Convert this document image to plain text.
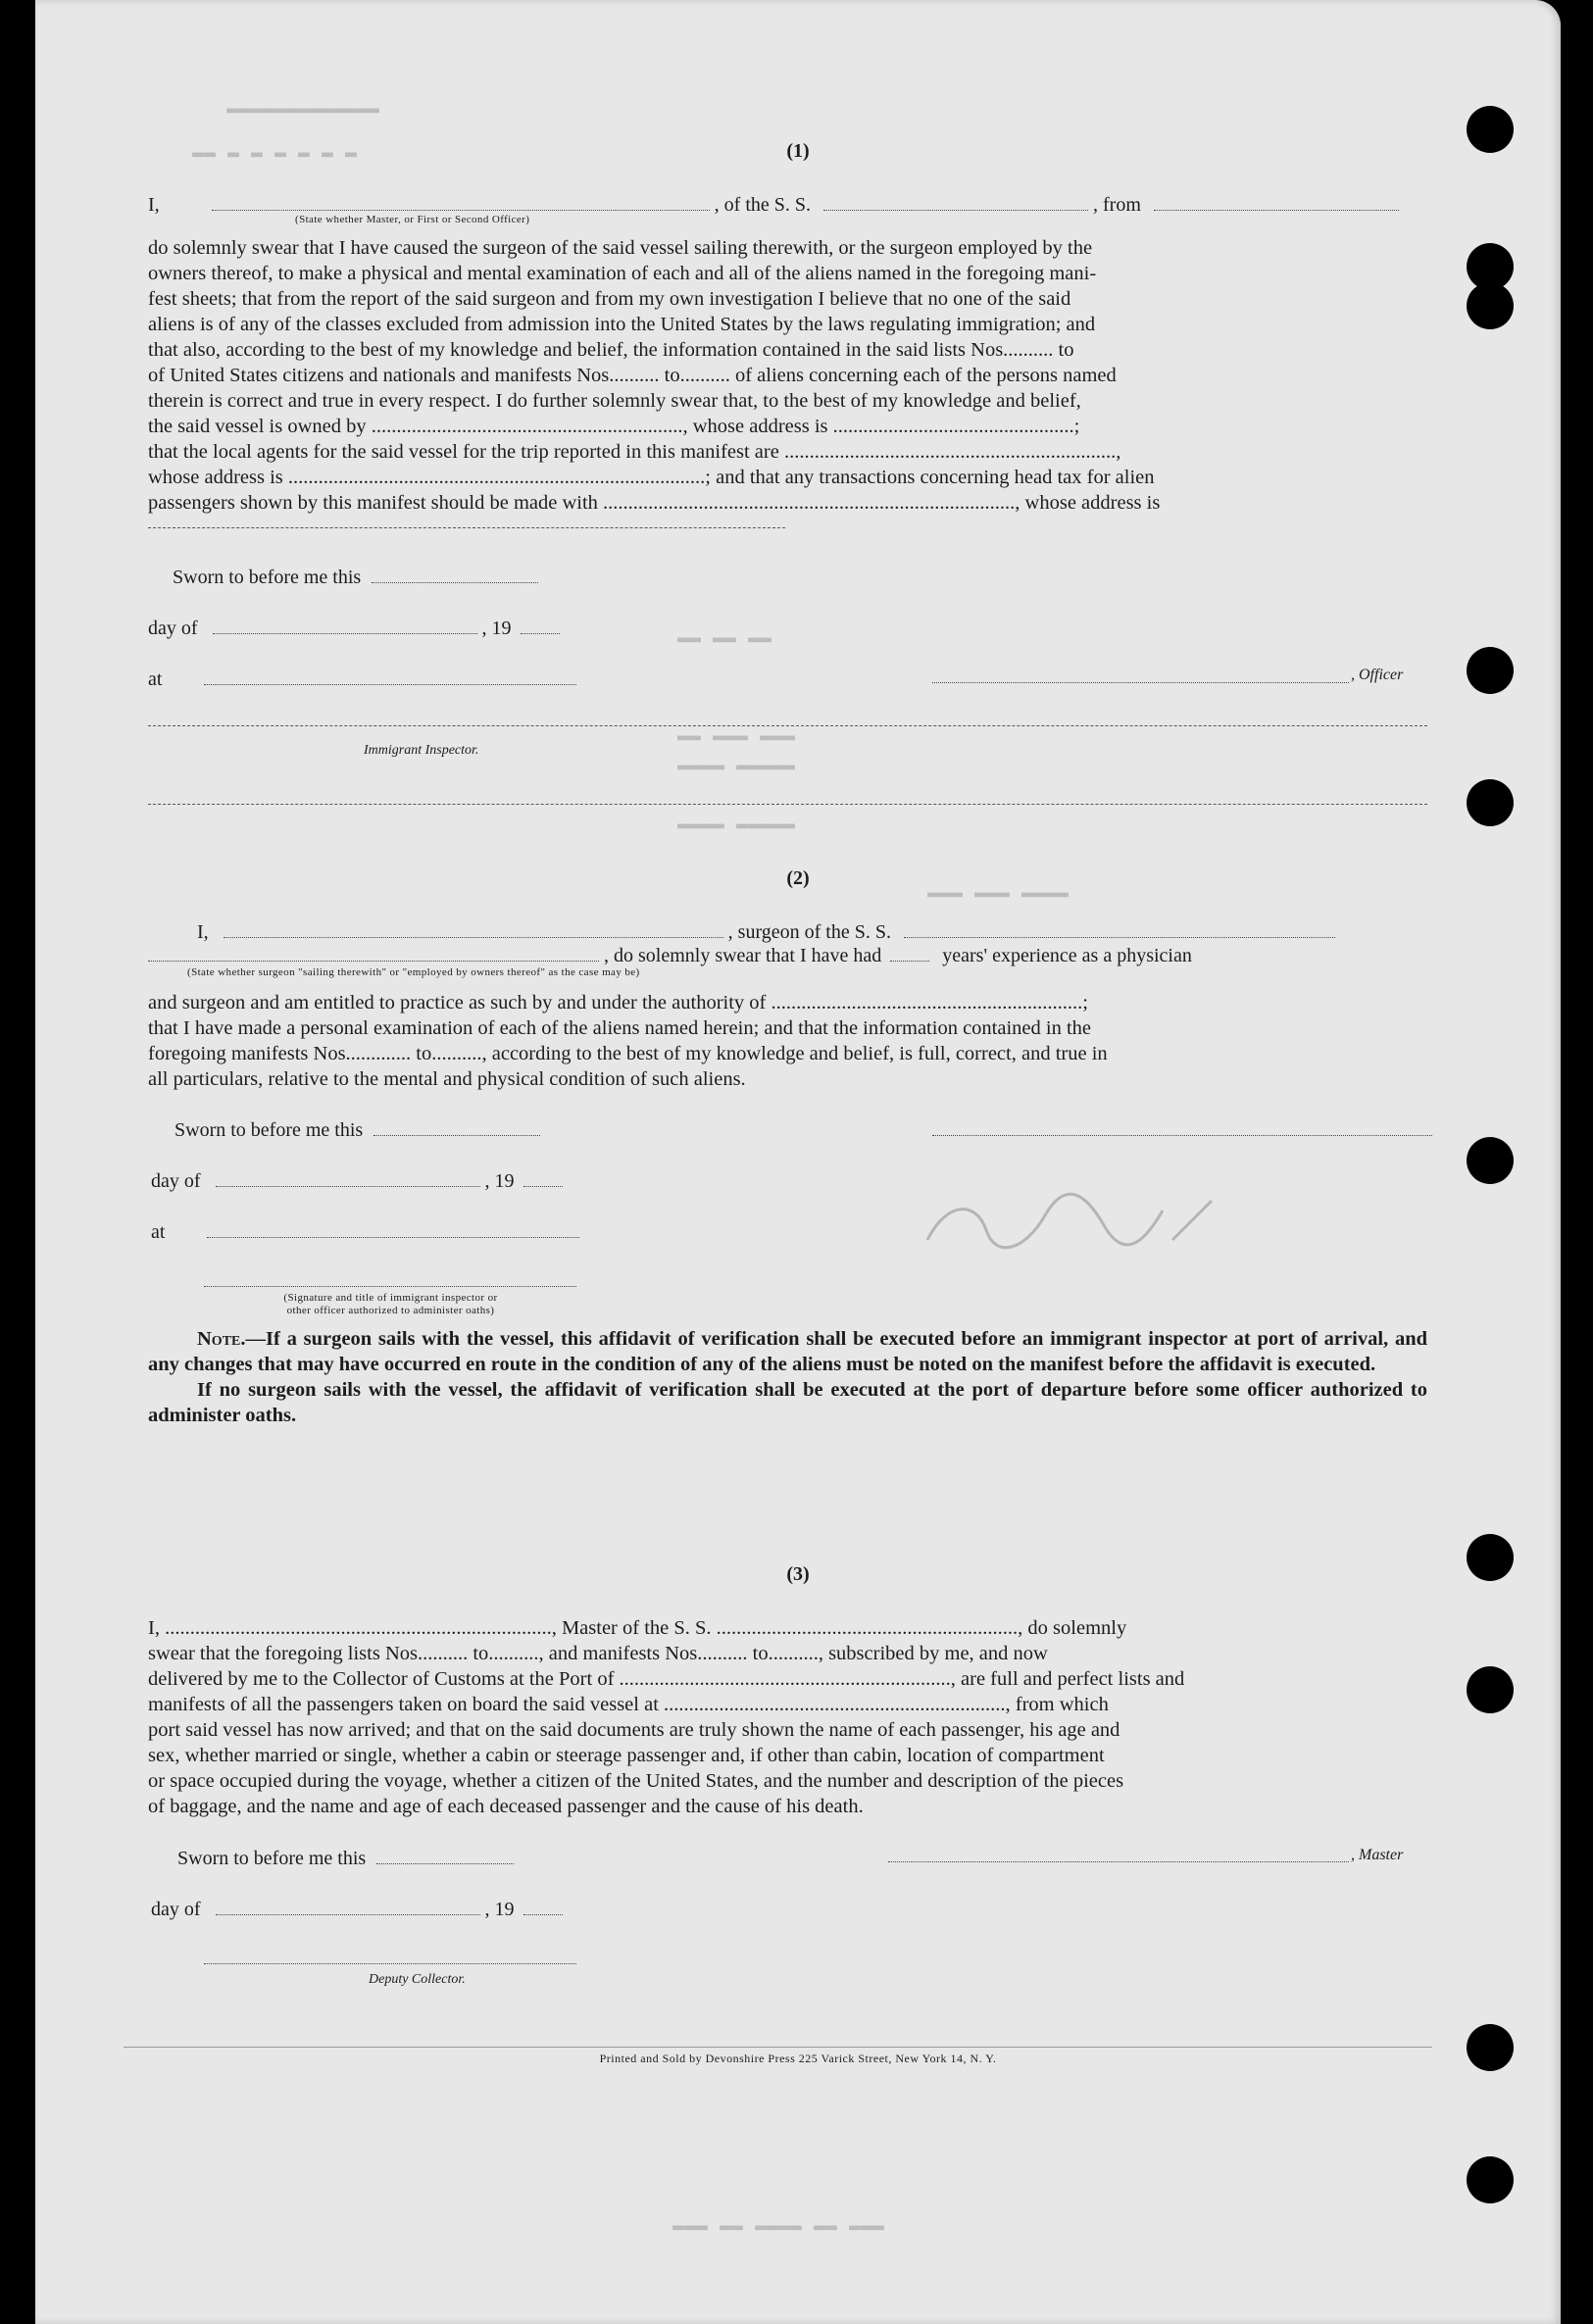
▬▬▬▬▬▬▬▬▬▬▬▬▬
▬▬ ▬ ▬ ▬ ▬ ▬ ▬
▬▬ ▬▬ ▬▬
▬▬ ▬▬▬ ▬▬▬
▬▬▬▬ ▬▬▬▬▬
▬▬▬▬ ▬▬▬▬▬
▬▬▬ ▬▬▬ ▬▬▬▬
▬▬▬ ▬▬ ▬▬▬▬ ▬▬ ▬▬▬
(1)
I,	, of the S. S.	, from
(State whether Master, or First or Second Officer)
do solemnly swear that I have caused the surgeon of the said vessel sailing therewith, or the surgeon employed by the
owners thereof, to make a physical and mental examination of each and all of the aliens named in the foregoing mani-
fest sheets; that from the report of the said surgeon and from my own investigation I believe that no one of the said
aliens is of any of the classes excluded from admission into the United States by the laws regulating immigration; and
that also, according to the best of my knowledge and belief, the information contained in the said lists Nos.......... to
of United States citizens and nationals and manifests Nos.......... to.......... of aliens concerning each of the persons named
therein is correct and true in every respect. I do further solemnly swear that, to the best of my knowledge and belief,
the said vessel is owned by .............................................................., whose address is ................................................;
that the local agents for the said vessel for the trip reported in this manifest are ..................................................................,
whose address is ...................................................................................; and that any transactions concerning head tax for alien
passengers shown by this manifest should be made with .................................................................................., whose address is
Sworn to before me this
day of	, 19
at	, Officer
Immigrant Inspector.
(2)
I,	, surgeon of the S. S.
, do solemnly swear that I have had	years' experience as a physician
(State whether surgeon "sailing therewith" or "employed by owners thereof" as the case may be)
and surgeon and am entitled to practice as such by and under the authority of ..............................................................;
that I have made a personal examination of each of the aliens named herein; and that the information contained in the
foregoing manifests Nos............. to.........., according to the best of my knowledge and belief, is full, correct, and true in
all particulars, relative to the mental and physical condition of such aliens.
Sworn to before me this
day of	, 19
at
(Signature and title of immigrant inspector or
other officer authorized to administer oaths)
Note.—If a surgeon sails with the vessel, this affidavit of verification shall be executed before an immigrant inspector at port of arrival, and any changes that may have occurred en route in the condition of any of the aliens must be noted on the manifest before the affidavit is executed.
If no surgeon sails with the vessel, the affidavit of verification shall be executed at the port of departure before some officer authorized to administer oaths.
(3)
I, ............................................................................., Master of the S. S. ............................................................, do solemnly
swear that the foregoing lists Nos.......... to.........., and manifests Nos.......... to.........., subscribed by me, and now
delivered by me to the Collector of Customs at the Port of .................................................................., are full and perfect lists and
manifests of all the passengers taken on board the said vessel at ...................................................................., from which
port said vessel has now arrived; and that on the said documents are truly shown the name of each passenger, his age and
sex, whether married or single, whether a cabin or steerage passenger and, if other than cabin, location of compartment
or space occupied during the voyage, whether a citizen of the United States, and the number and description of the pieces
of baggage, and the name and age of each deceased passenger and the cause of his death.
Sworn to before me this	, Master
day of	, 19
Deputy Collector.
Printed and Sold by Devonshire Press 225 Varick Street, New York 14, N. Y.
